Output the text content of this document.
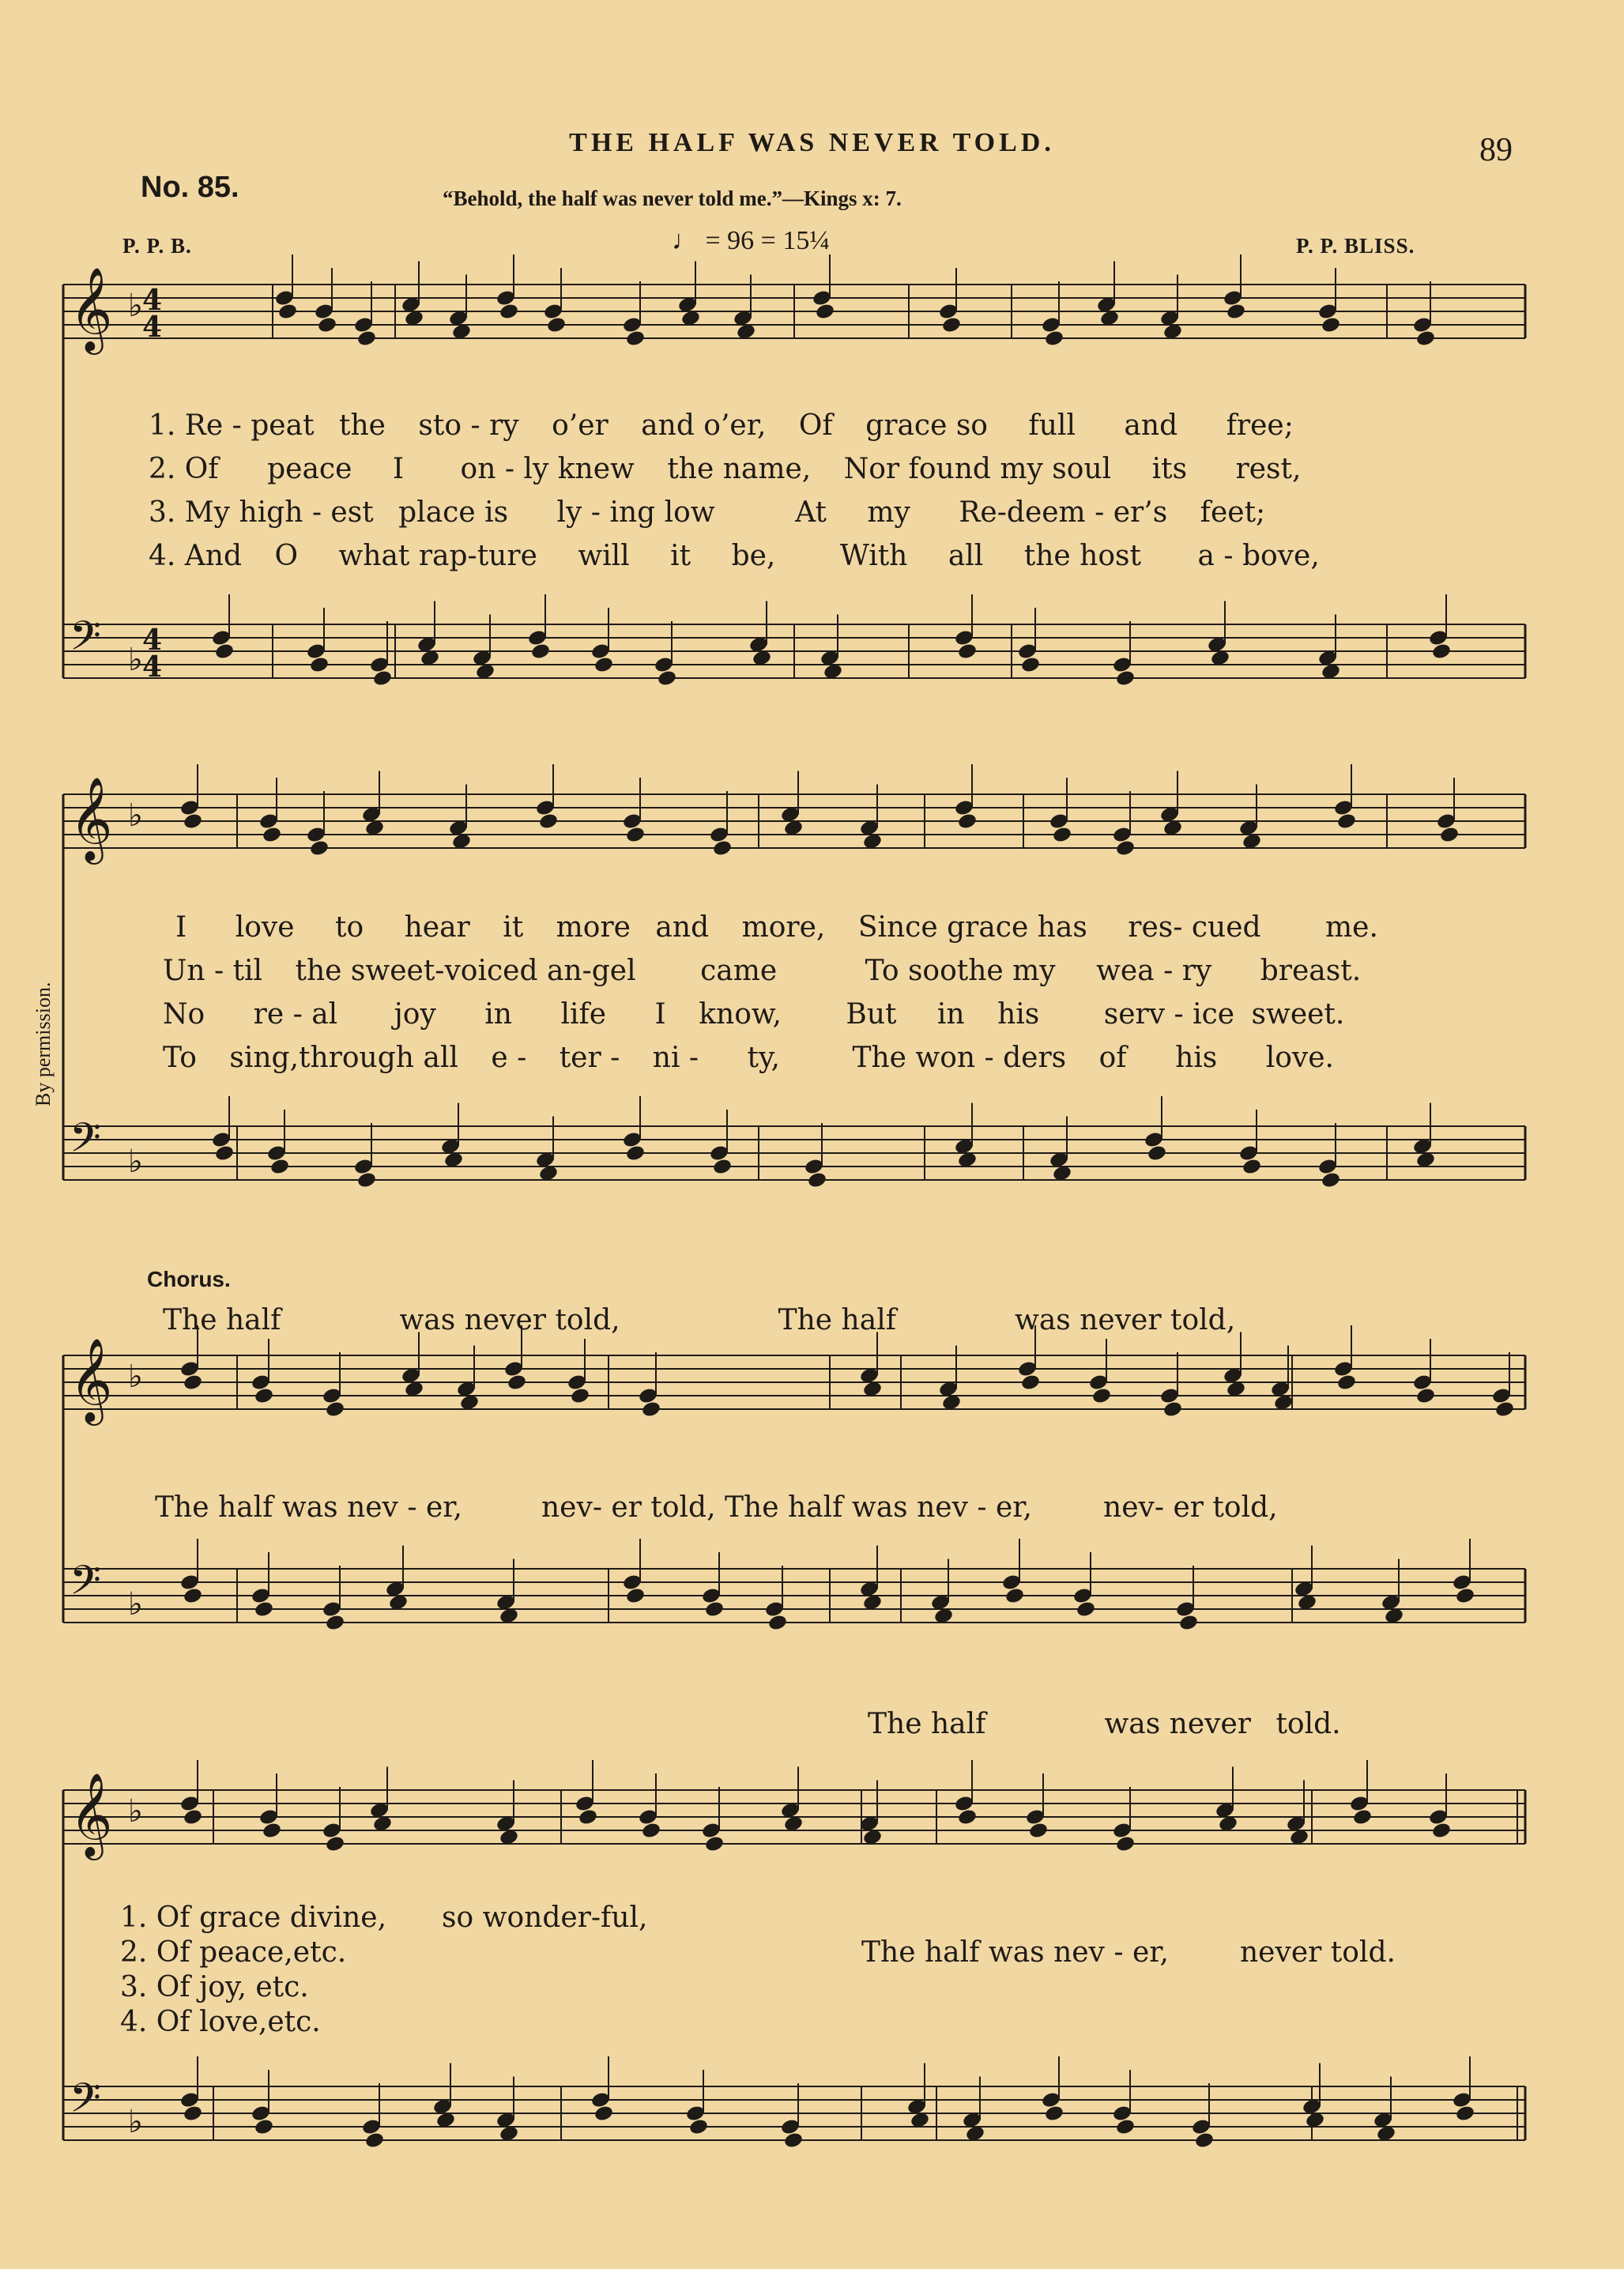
THE HALF WAS NEVER TOLD.	89
No. 85.	“Behold, the half was never told me.”—Kings x: 7.
P. P. B.	♩ = 96 = 15¼	P. P. BLISS.
By permission.
𝄞 ♭
𝄢 ♭
𝄞 ♭
𝄢 ♭
𝄞 ♭
𝄢 ♭
𝄞 ♭
𝄢 ♭
4
4
4
4
1. Re - peat the sto - ry o’er and o’er, Of grace so full and free;
2. Of peace I on - ly knew the name, Nor found my soul its rest,
3. My high - est place is ly - ing low	At my Re-deem - er’s feet;
4. And O what rap-ture will it be, With all the host a - bove,
I love to hear it more and more, Since grace has res- cued me.
Un - til the sweet-voiced an-gel came	To soothe my wea - ry breast.
No re - al joy in life I know, But in his serv - ice sweet.
To sing,through all e - ter - ni - ty,	The won - ders of his love.
Chorus.
The half	was never told,	The half	was never told,
The half was nev - er,	nev- er told, The half was nev - er,	nev- er told,
The half	was never told.
1. Of grace divine, so wonder-ful,
2. Of peace,etc.
3. Of joy, etc.
4. Of love,etc.
The half was nev - er,	never told.
